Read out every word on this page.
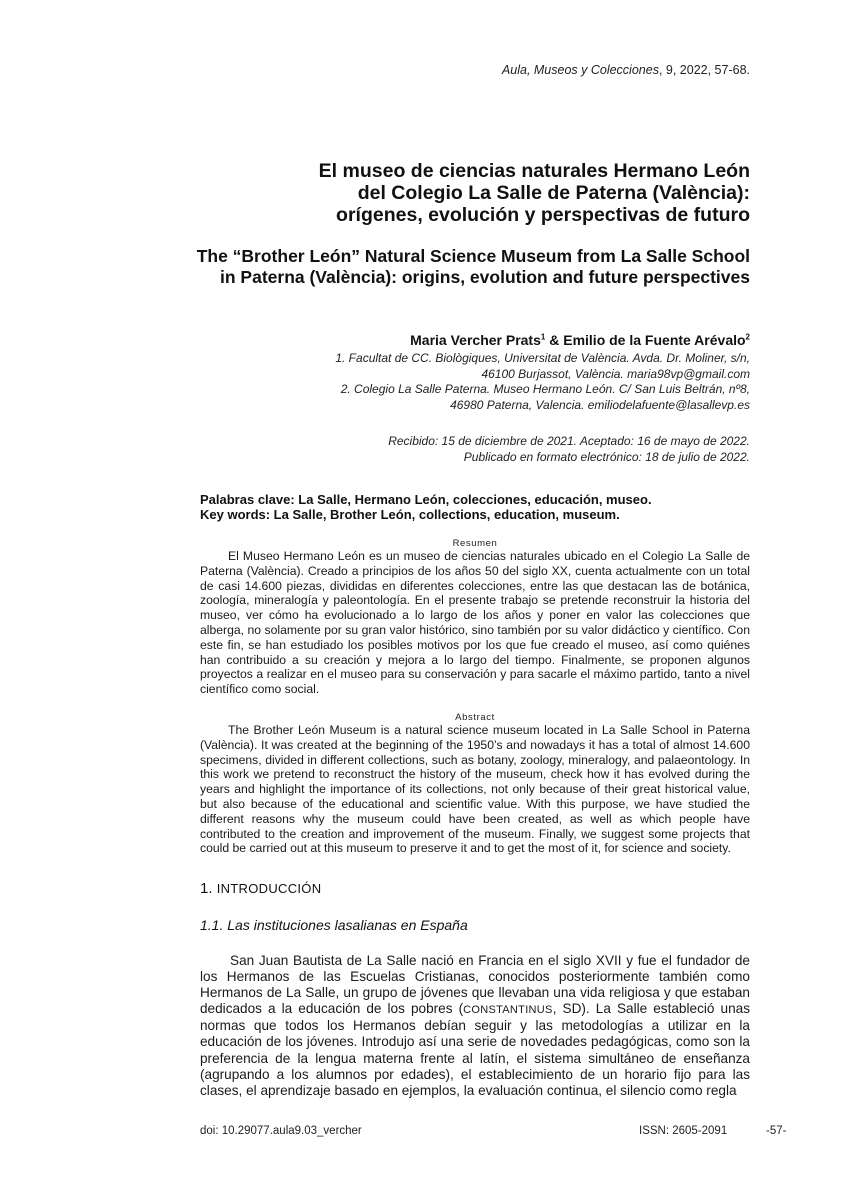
Aula, Museos y Colecciones, 9, 2022, 57-68.
El museo de ciencias naturales Hermano León
del Colegio La Salle de Paterna (València):
orígenes, evolución y perspectivas de futuro
The “Brother León” Natural Science Museum from La Salle School
in Paterna (València): origins, evolution and future perspectives
Maria Vercher Prats$^1$ & Emilio de la Fuente Arévalo$^2$
1. Facultat de CC. Biològiques, Universitat de València. Avda. Dr. Moliner, s/n,
46100 Burjassot, València. maria98vp@gmail.com
2. Colegio La Salle Paterna. Museo Hermano León. C/ San Luis Beltrán, nº8,
46980 Paterna, Valencia. emiliodelafuente@lasallevp.es
Recibido: 15 de diciembre de 2021. Aceptado: 16 de mayo de 2022.
Publicado en formato electrónico: 18 de julio de 2022.
Palabras clave: La Salle, Hermano León, colecciones, educación, museo.
Key words: La Salle, Brother León, collections, education, museum.
Resumen
El Museo Hermano León es un museo de ciencias naturales ubicado en el Colegio La Salle de Paterna (València). Creado a principios de los años 50 del siglo XX, cuenta actualmente con un total de casi 14.600 piezas, divididas en diferentes colecciones, entre las que destacan las de botánica, zoología, mineralogía y paleontología. En el presente trabajo se pretende reconstruir la historia del museo, ver cómo ha evolucionado a lo largo de los años y poner en valor las colecciones que alberga, no solamente por su gran valor histórico, sino también por su valor didáctico y científico. Con este fin, se han estudiado los posibles motivos por los que fue creado el museo, así como quiénes han contribuido a su creación y mejora a lo largo del tiempo. Finalmente, se proponen algunos proyectos a realizar en el museo para su conservación y para sacarle el máximo partido, tanto a nivel científico como social.
Abstract
The Brother León Museum is a natural science museum located in La Salle School in Paterna (València). It was created at the beginning of the 1950’s and nowadays it has a total of almost 14.600 specimens, divided in different collections, such as botany, zoology, mineralogy, and palaeontology. In this work we pretend to reconstruct the history of the museum, check how it has evolved during the years and highlight the importance of its collections, not only because of their great historical value, but also because of the educational and scientific value. With this purpose, we have studied the different reasons why the museum could have been created, as well as which people have contributed to the creation and improvement of the museum. Finally, we suggest some projects that could be carried out at this museum to preserve it and to get the most of it, for science and society.
1. INTRODUCCIÓN
1.1. Las instituciones lasalianas en España
San Juan Bautista de La Salle nació en Francia en el siglo XVII y fue el fundador de los Hermanos de las Escuelas Cristianas, conocidos posteriormente también como Hermanos de La Salle, un grupo de jóvenes que llevaban una vida religiosa y que estaban dedicados a la educación de los pobres (CONSTANTINUS, SD). La Salle estableció unas normas que todos los Hermanos debían seguir y las metodologías a utilizar en la educación de los jóvenes. Introdujo así una serie de novedades pedagógicas, como son la preferencia de la lengua materna frente al latín, el sistema simultáneo de enseñanza (agrupando a los alumnos por edades), el establecimiento de un horario fijo para las clases, el aprendizaje basado en ejemplos, la evaluación continua, el silencio como regla
doi: 10.29077.aula9.03_vercher	ISSN: 2605-2091	-57-
